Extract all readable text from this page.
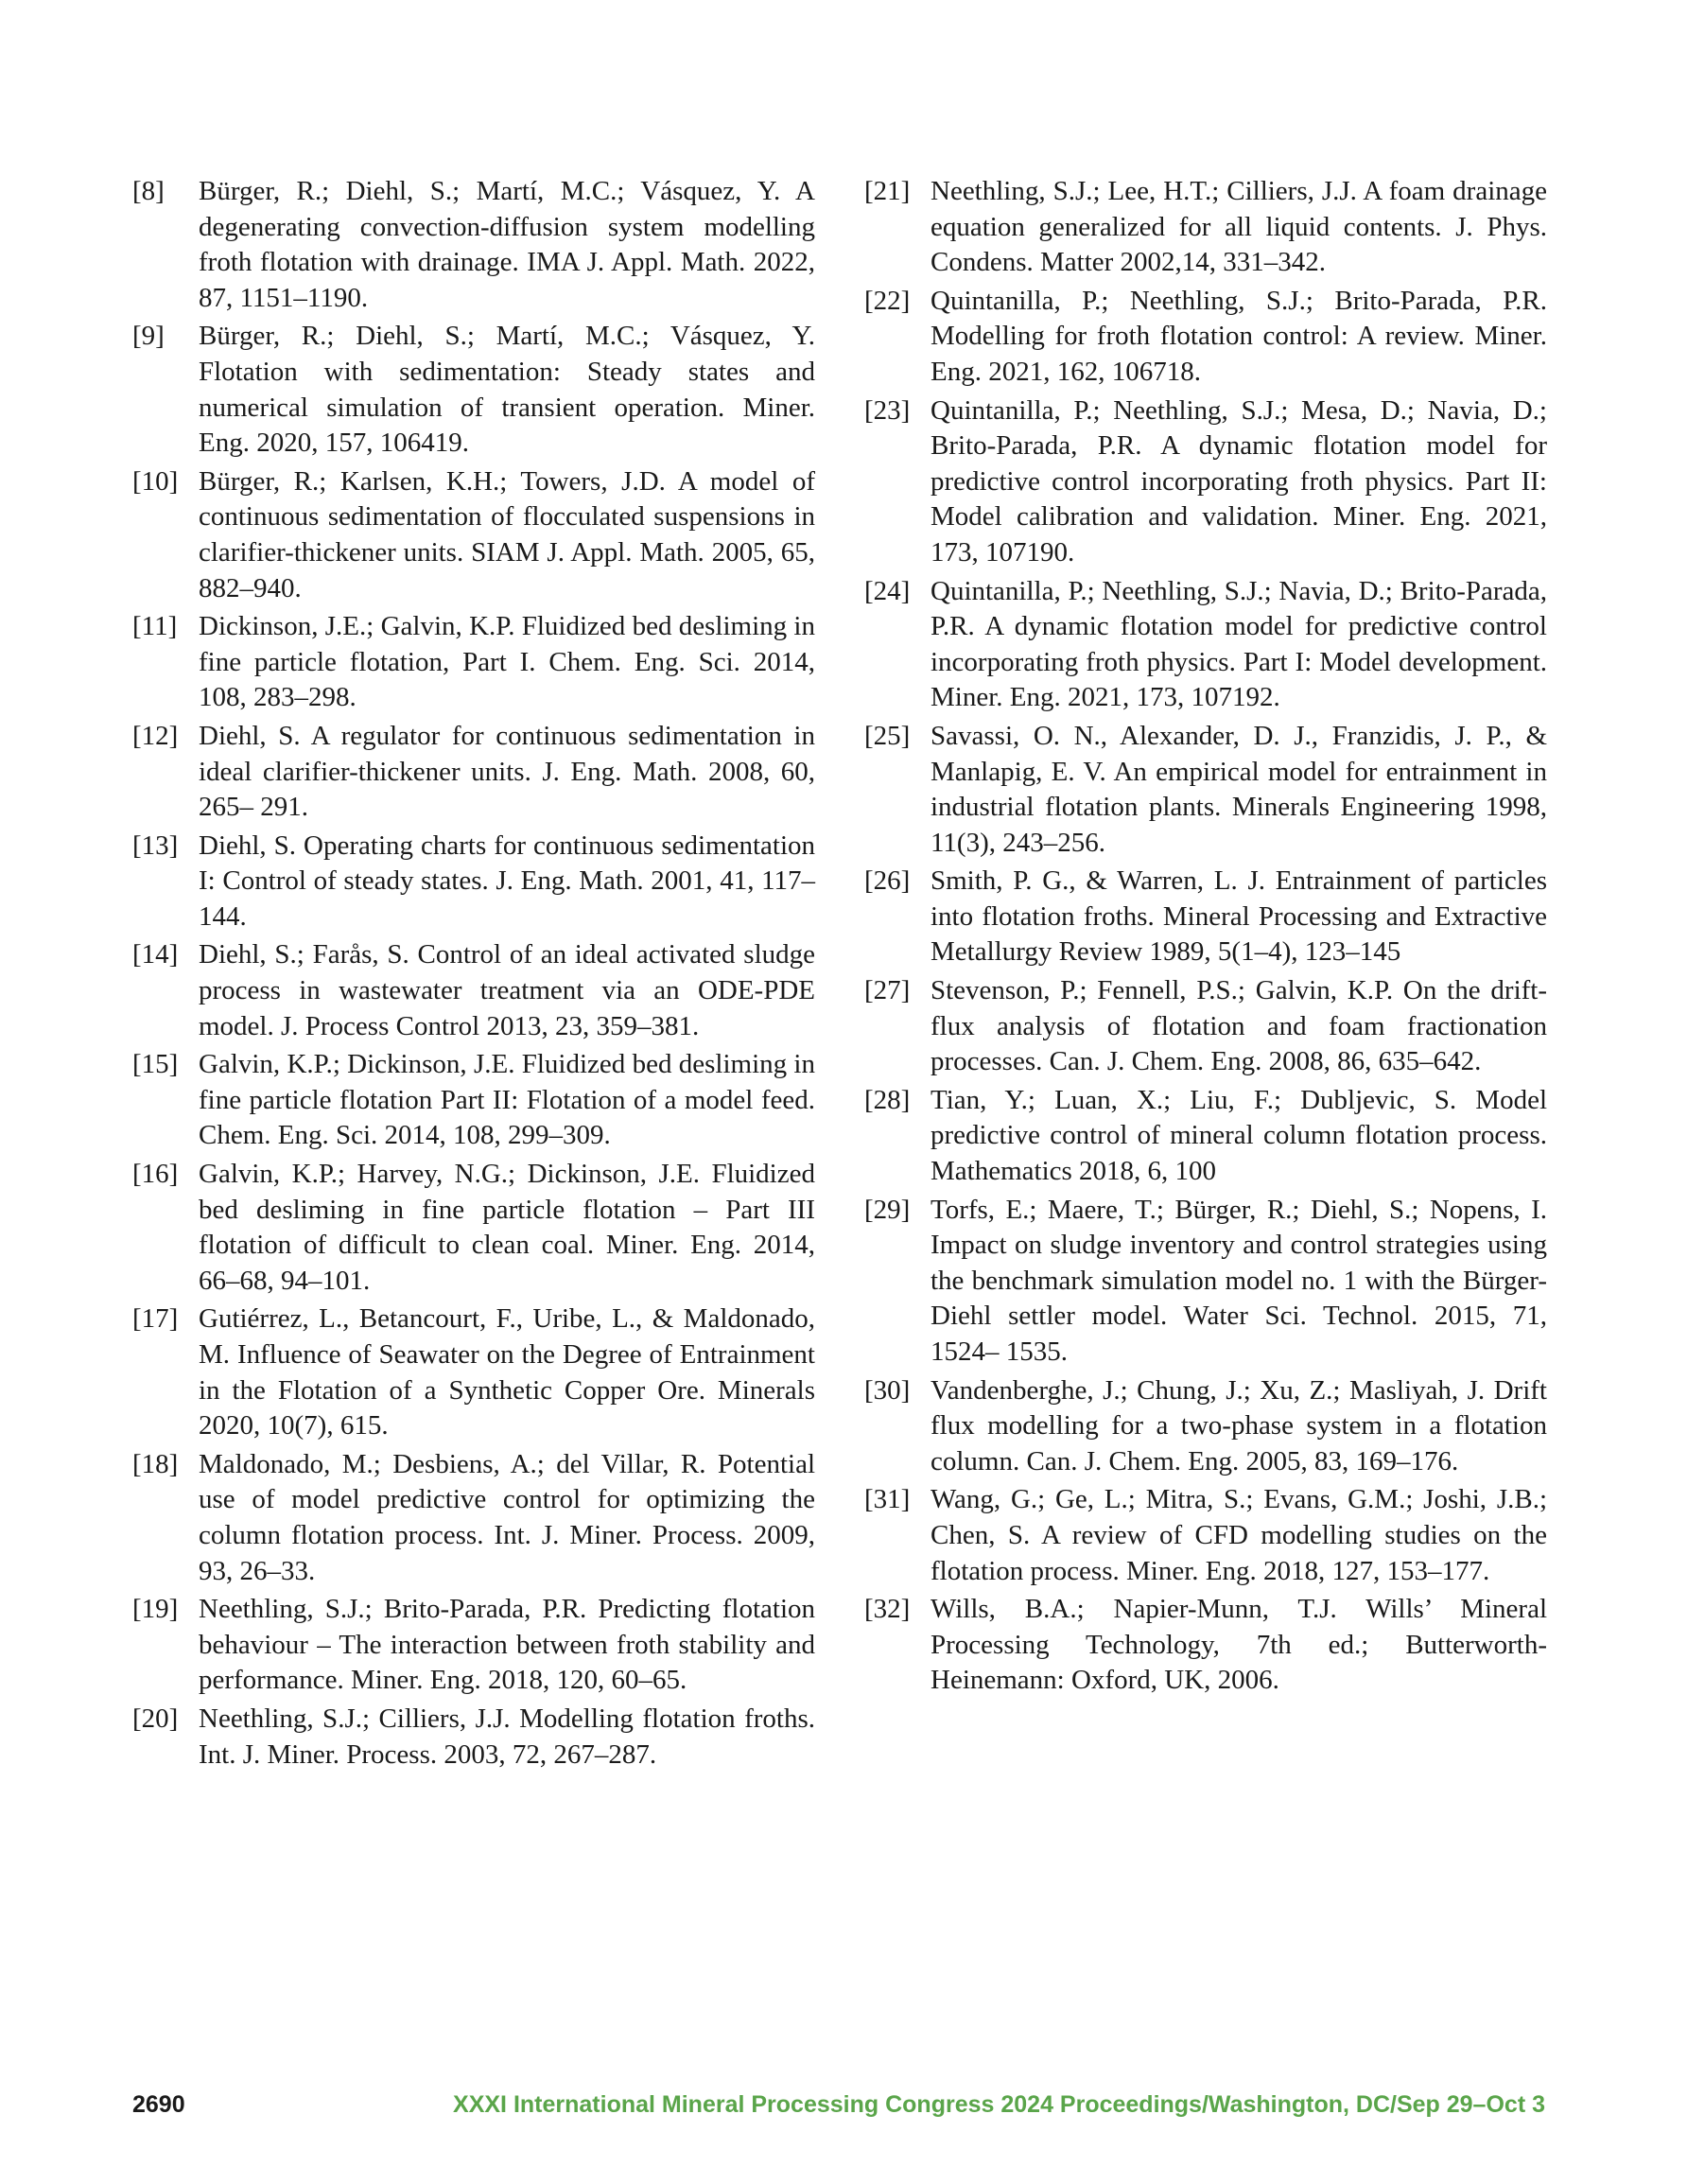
[8]	Bürger, R.; Diehl, S.; Martí, M.C.; Vásquez, Y. A degenerating convection-diffusion system modelling froth flotation with drainage. IMA J. Appl. Math. 2022, 87, 1151–1190.
[9]	Bürger, R.; Diehl, S.; Martí, M.C.; Vásquez, Y. Flotation with sedimentation: Steady states and numerical simulation of transient operation. Miner. Eng. 2020, 157, 106419.
[10] Bürger, R.; Karlsen, K.H.; Towers, J.D. A model of continuous sedimentation of flocculated suspensions in clarifier-thickener units. SIAM J. Appl. Math. 2005, 65, 882–940.
[11] Dickinson, J.E.; Galvin, K.P. Fluidized bed desliming in fine particle flotation, Part I. Chem. Eng. Sci. 2014, 108, 283–298.
[12] Diehl, S. A regulator for continuous sedimentation in ideal clarifier-thickener units. J. Eng. Math. 2008, 60, 265– 291.
[13] Diehl, S. Operating charts for continuous sedimentation I: Control of steady states. J. Eng. Math. 2001, 41, 117– 144.
[14] Diehl, S.; Farås, S. Control of an ideal activated sludge process in wastewater treatment via an ODE-PDE model. J. Process Control 2013, 23, 359–381.
[15] Galvin, K.P.; Dickinson, J.E. Fluidized bed desliming in fine particle flotation Part II: Flotation of a model feed. Chem. Eng. Sci. 2014, 108, 299–309.
[16] Galvin, K.P.; Harvey, N.G.; Dickinson, J.E. Fluidized bed desliming in fine particle flotation – Part III flotation of difficult to clean coal. Miner. Eng. 2014, 66–68, 94–101.
[17] Gutiérrez, L., Betancourt, F., Uribe, L., & Maldonado, M. Influence of Seawater on the Degree of Entrainment in the Flotation of a Synthetic Copper Ore. Minerals 2020, 10(7), 615.
[18] Maldonado, M.; Desbiens, A.; del Villar, R. Potential use of model predictive control for optimizing the column flotation process. Int. J. Miner. Process. 2009, 93, 26–33.
[19] Neethling, S.J.; Brito-Parada, P.R. Predicting flotation behaviour – The interaction between froth stability and performance. Miner. Eng. 2018, 120, 60–65.
[20] Neethling, S.J.; Cilliers, J.J. Modelling flotation froths. Int. J. Miner. Process. 2003, 72, 267–287.
[21] Neethling, S.J.; Lee, H.T.; Cilliers, J.J. A foam drainage equation generalized for all liquid contents. J. Phys. Condens. Matter 2002,14, 331–342.
[22] Quintanilla, P.; Neethling, S.J.; Brito-Parada, P.R. Modelling for froth flotation control: A review. Miner. Eng. 2021, 162, 106718.
[23] Quintanilla, P.; Neethling, S.J.; Mesa, D.; Navia, D.; Brito-Parada, P.R. A dynamic flotation model for predictive control incorporating froth physics. Part II: Model calibration and validation. Miner. Eng. 2021, 173, 107190.
[24] Quintanilla, P.; Neethling, S.J.; Navia, D.; Brito-Parada, P.R. A dynamic flotation model for predictive control incorporating froth physics. Part I: Model development. Miner. Eng. 2021, 173, 107192.
[25] Savassi, O. N., Alexander, D. J., Franzidis, J. P., & Manlapig, E. V. An empirical model for entrainment in industrial flotation plants. Minerals Engineering 1998, 11(3), 243–256.
[26] Smith, P. G., & Warren, L. J. Entrainment of particles into flotation froths. Mineral Processing and Extractive Metallurgy Review 1989, 5(1–4), 123–145
[27] Stevenson, P.; Fennell, P.S.; Galvin, K.P. On the drift-flux analysis of flotation and foam fractionation processes. Can. J. Chem. Eng. 2008, 86, 635–642.
[28] Tian, Y.; Luan, X.; Liu, F.; Dubljevic, S. Model predictive control of mineral column flotation process. Mathematics 2018, 6, 100
[29] Torfs, E.; Maere, T.; Bürger, R.; Diehl, S.; Nopens, I. Impact on sludge inventory and control strategies using the benchmark simulation model no. 1 with the Bürger-Diehl settler model. Water Sci. Technol. 2015, 71, 1524– 1535.
[30] Vandenberghe, J.; Chung, J.; Xu, Z.; Masliyah, J. Drift flux modelling for a two-phase system in a flotation column. Can. J. Chem. Eng. 2005, 83, 169–176.
[31] Wang, G.; Ge, L.; Mitra, S.; Evans, G.M.; Joshi, J.B.; Chen, S. A review of CFD modelling studies on the flotation process. Miner. Eng. 2018, 127, 153–177.
[32] Wills, B.A.; Napier-Munn, T.J. Wills’ Mineral Processing Technology, 7th ed.; Butterworth-Heinemann: Oxford, UK, 2006.
2690	XXXI International Mineral Processing Congress 2024 Proceedings/Washington, DC/Sep 29–Oct 3
